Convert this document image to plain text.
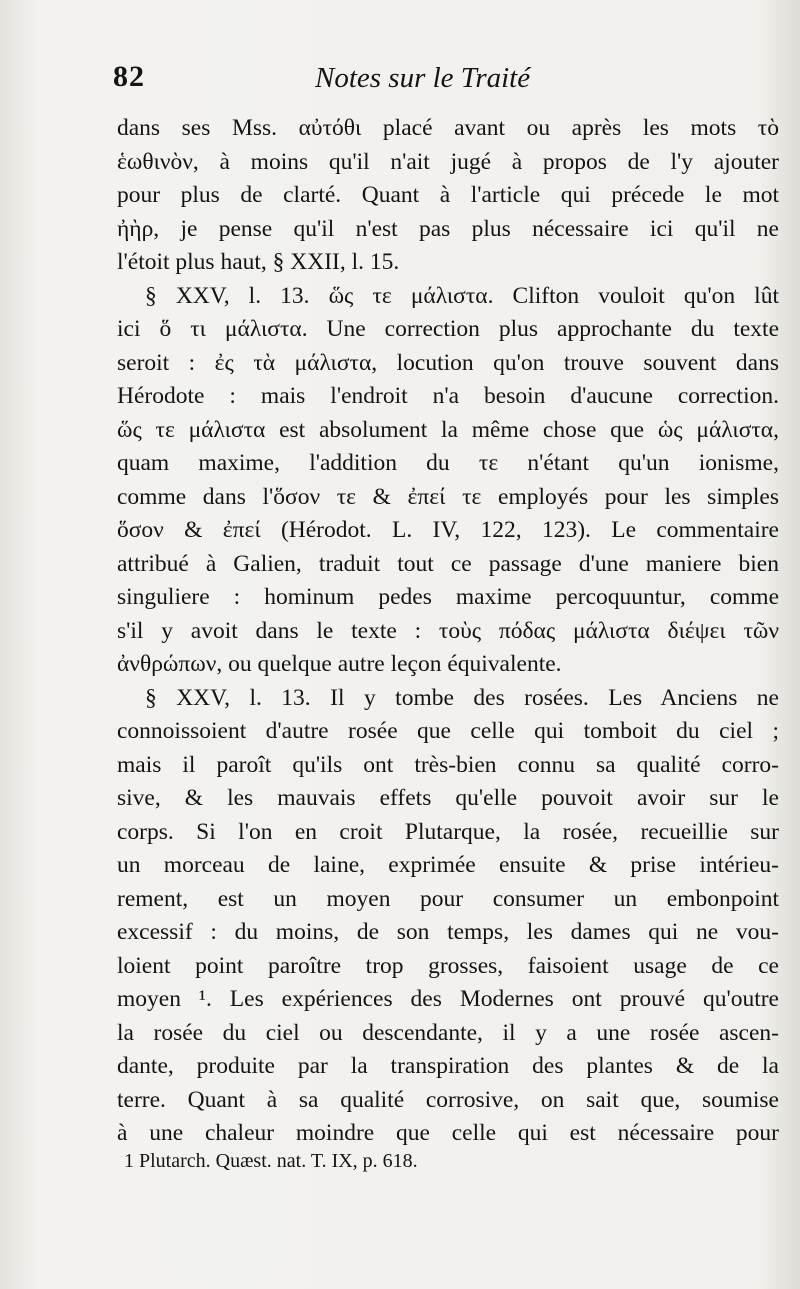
82	Notes sur le Traité
dans ses Mss. αὐτόθι placé avant ou après les mots τὸ
ἑωθινὸν, à moins qu'il n'ait jugé à propos de l'y ajouter
pour plus de clarté. Quant à l'article qui précede le mot
ἠὴρ, je pense qu'il n'est pas plus nécessaire ici qu'il ne
l'étoit plus haut, § XXII, l. 15.
§ XXV, l. 13. ὥς τε μάλιστα. Clifton vouloit qu'on lût
ici ὅ τι μάλιστα. Une correction plus approchante du texte
seroit : ἐς τὰ μάλιστα, locution qu'on trouve souvent dans
Hérodote : mais l'endroit n'a besoin d'aucune correction.
ὥς τε μάλιστα est absolument la même chose que ὡς μάλιστα,
quam maxime, l'addition du τε n'étant qu'un ionisme,
comme dans l'ὅσον τε & ἐπεί τε employés pour les simples
ὅσον & ἐπεί (Hérodot. L. IV, 122, 123). Le commentaire
attribué à Galien, traduit tout ce passage d'une maniere bien
singuliere : hominum pedes maxime percoquuntur, comme
s'il y avoit dans le texte : τοὺς πόδας μάλιστα διέψει τῶν
ἀνθρώπων, ou quelque autre leçon équivalente.
§ XXV, l. 13. Il y tombe des rosées. Les Anciens ne
connoissoient d'autre rosée que celle qui tomboit du ciel ;
mais il paroît qu'ils ont très-bien connu sa qualité corro-
sive, & les mauvais effets qu'elle pouvoit avoir sur le
corps. Si l'on en croit Plutarque, la rosée, recueillie sur
un morceau de laine, exprimée ensuite & prise intérieu-
rement, est un moyen pour consumer un embonpoint
excessif : du moins, de son temps, les dames qui ne vou-
loient point paroître trop grosses, faisoient usage de ce
moyen ¹. Les expériences des Modernes ont prouvé qu'outre
la rosée du ciel ou descendante, il y a une rosée ascen-
dante, produite par la transpiration des plantes & de la
terre. Quant à sa qualité corrosive, on sait que, soumise
à une chaleur moindre que celle qui est nécessaire pour
1 Plutarch. Quæst. nat. T. IX, p. 618.
